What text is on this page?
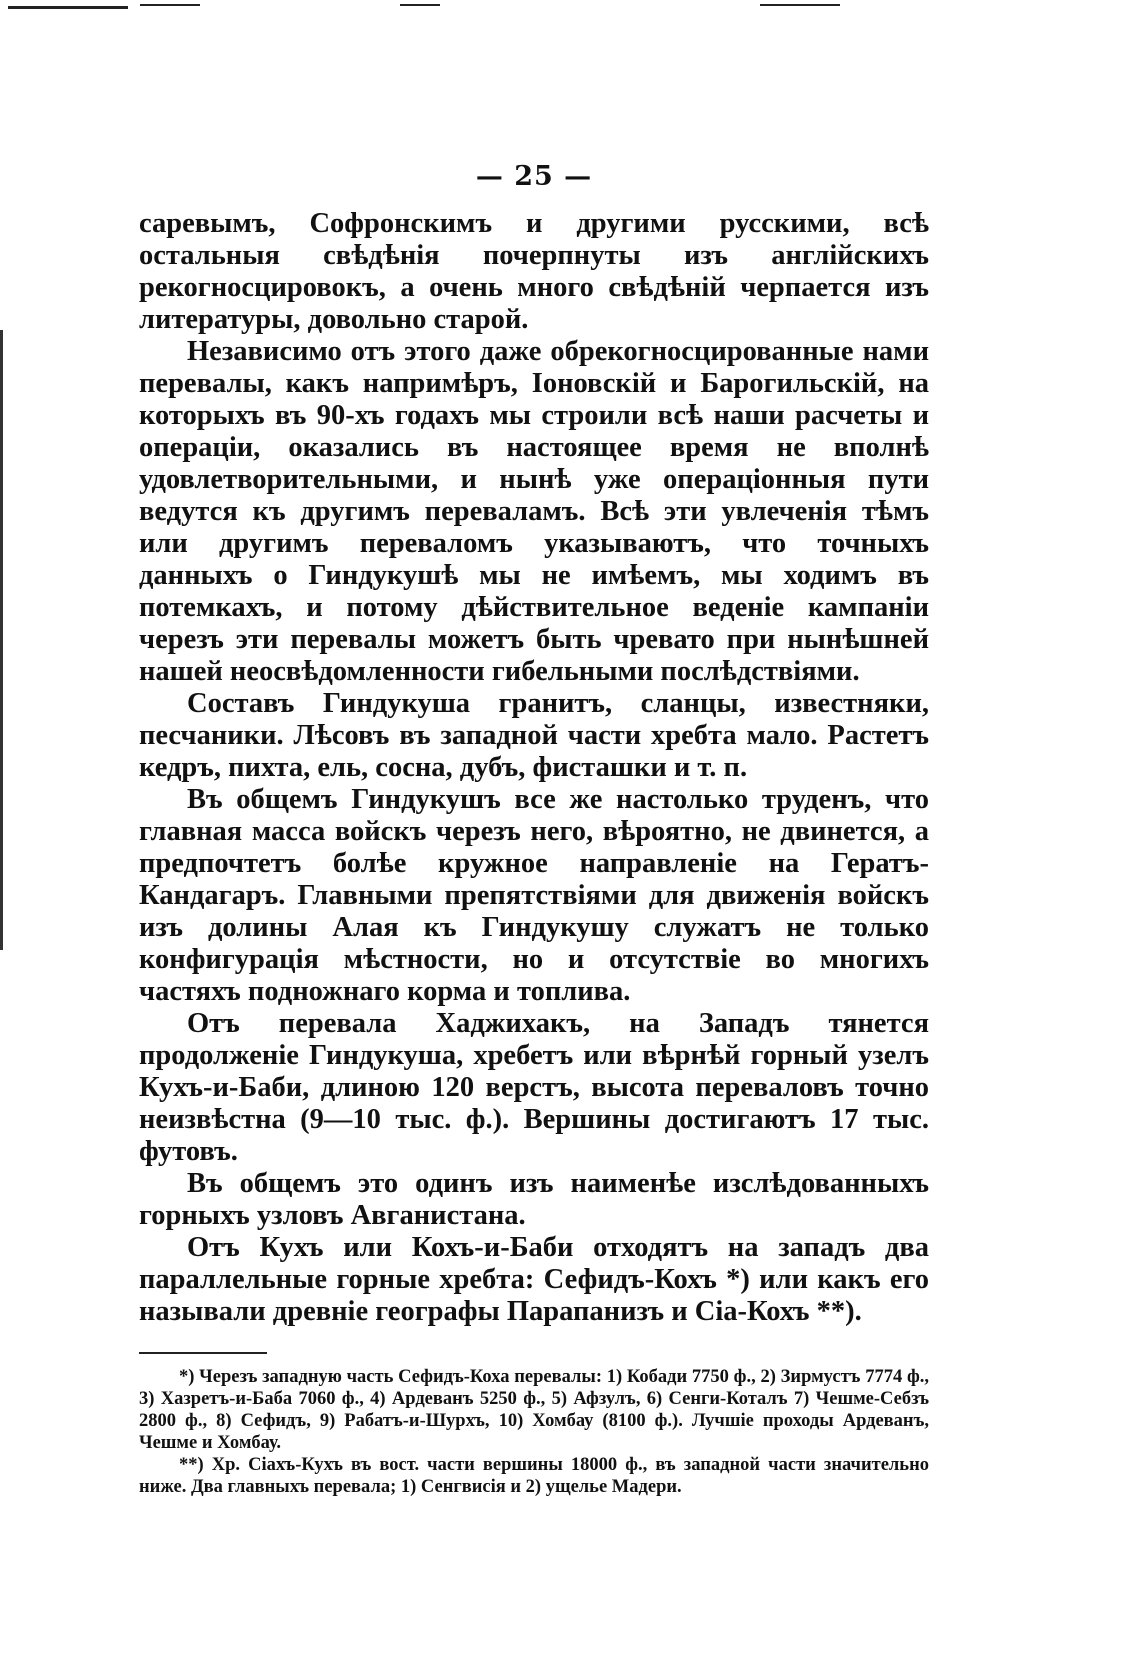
— 25 —

саревымъ, Софронскимъ и другими русскими, всѣ остальныя свѣдѣнія почерпнуты изъ англійскихъ рекогносцировокъ, а очень много свѣдѣній черпается изъ литературы, довольно старой.

Независимо отъ этого даже обрекогносцированные нами перевалы, какъ напримѣръ, Іоновскій и Барогильскій, на которыхъ въ 90-хъ годахъ мы строили всѣ наши расчеты и операціи, оказались въ настоящее время не вполнѣ удовлетворительными, и нынѣ уже операціонныя пути ведутся къ другимъ переваламъ. Всѣ эти увлеченія тѣмъ или другимъ переваломъ указываютъ, что точныхъ данныхъ о Гиндукушѣ мы не имѣемъ, мы ходимъ въ потемкахъ, и потому дѣйствительное веденіе кампаніи черезъ эти перевалы можетъ быть чревато при нынѣшней нашей неосвѣдомленности гибельными послѣдствіями.

Составъ Гиндукуша гранитъ, сланцы, известняки, песчаники. Лѣсовъ въ западной части хребта мало. Растетъ кедръ, пихта, ель, сосна, дубъ, фисташки и т. п.

Въ общемъ Гиндукушъ все же настолько труденъ, что главная масса войскъ черезъ него, вѣроятно, не двинется, а предпочтетъ болѣе кружное направленіе на Гератъ-Кандагаръ. Главными препятствіями для движенія войскъ изъ долины Алая къ Гиндукушу служатъ не только конфигурація мѣстности, но и отсутствіе во многихъ частяхъ подножнаго корма и топлива.

Отъ перевала Хаджихакъ, на Западъ тянется продолженіе Гиндукуша, хребетъ или вѣрнѣй горный узелъ Кухъ-и-Баби, длиною 120 верстъ, высота переваловъ точно неизвѣстна (9—10 тыс. ф.). Вершины достигаютъ 17 тыс. футовъ.

Въ общемъ это одинъ изъ наименѣе изслѣдованныхъ горныхъ узловъ Авганистана.

Отъ Кухъ или Кохъ-и-Баби отходятъ на западъ два параллельные горные хребта: Сефидъ-Кохъ *) или какъ его называли древніе географы Парапанизъ и Сіа-Кохъ **).

*) Черезъ западную часть Сефидъ-Коха перевалы: 1) Кобади 7750 ф., 2) Зирмустъ 7774 ф., 3) Хазретъ-и-Баба 7060 ф., 4) Ардеванъ 5250 ф., 5) Афзулъ, 6) Сенги-Коталъ 7) Чешме-Себзъ 2800 ф., 8) Сефидъ, 9) Рабатъ-и-Шурхъ, 10) Хомбау (8100 ф.). Лучшіе проходы Ардеванъ, Чешме и Хомбау.

**) Хр. Сіахъ-Кухъ въ вост. части вершины 18000 ф., въ западной части значительно ниже. Два главныхъ перевала; 1) Сенгвисія и 2) ущелье Мадери.
